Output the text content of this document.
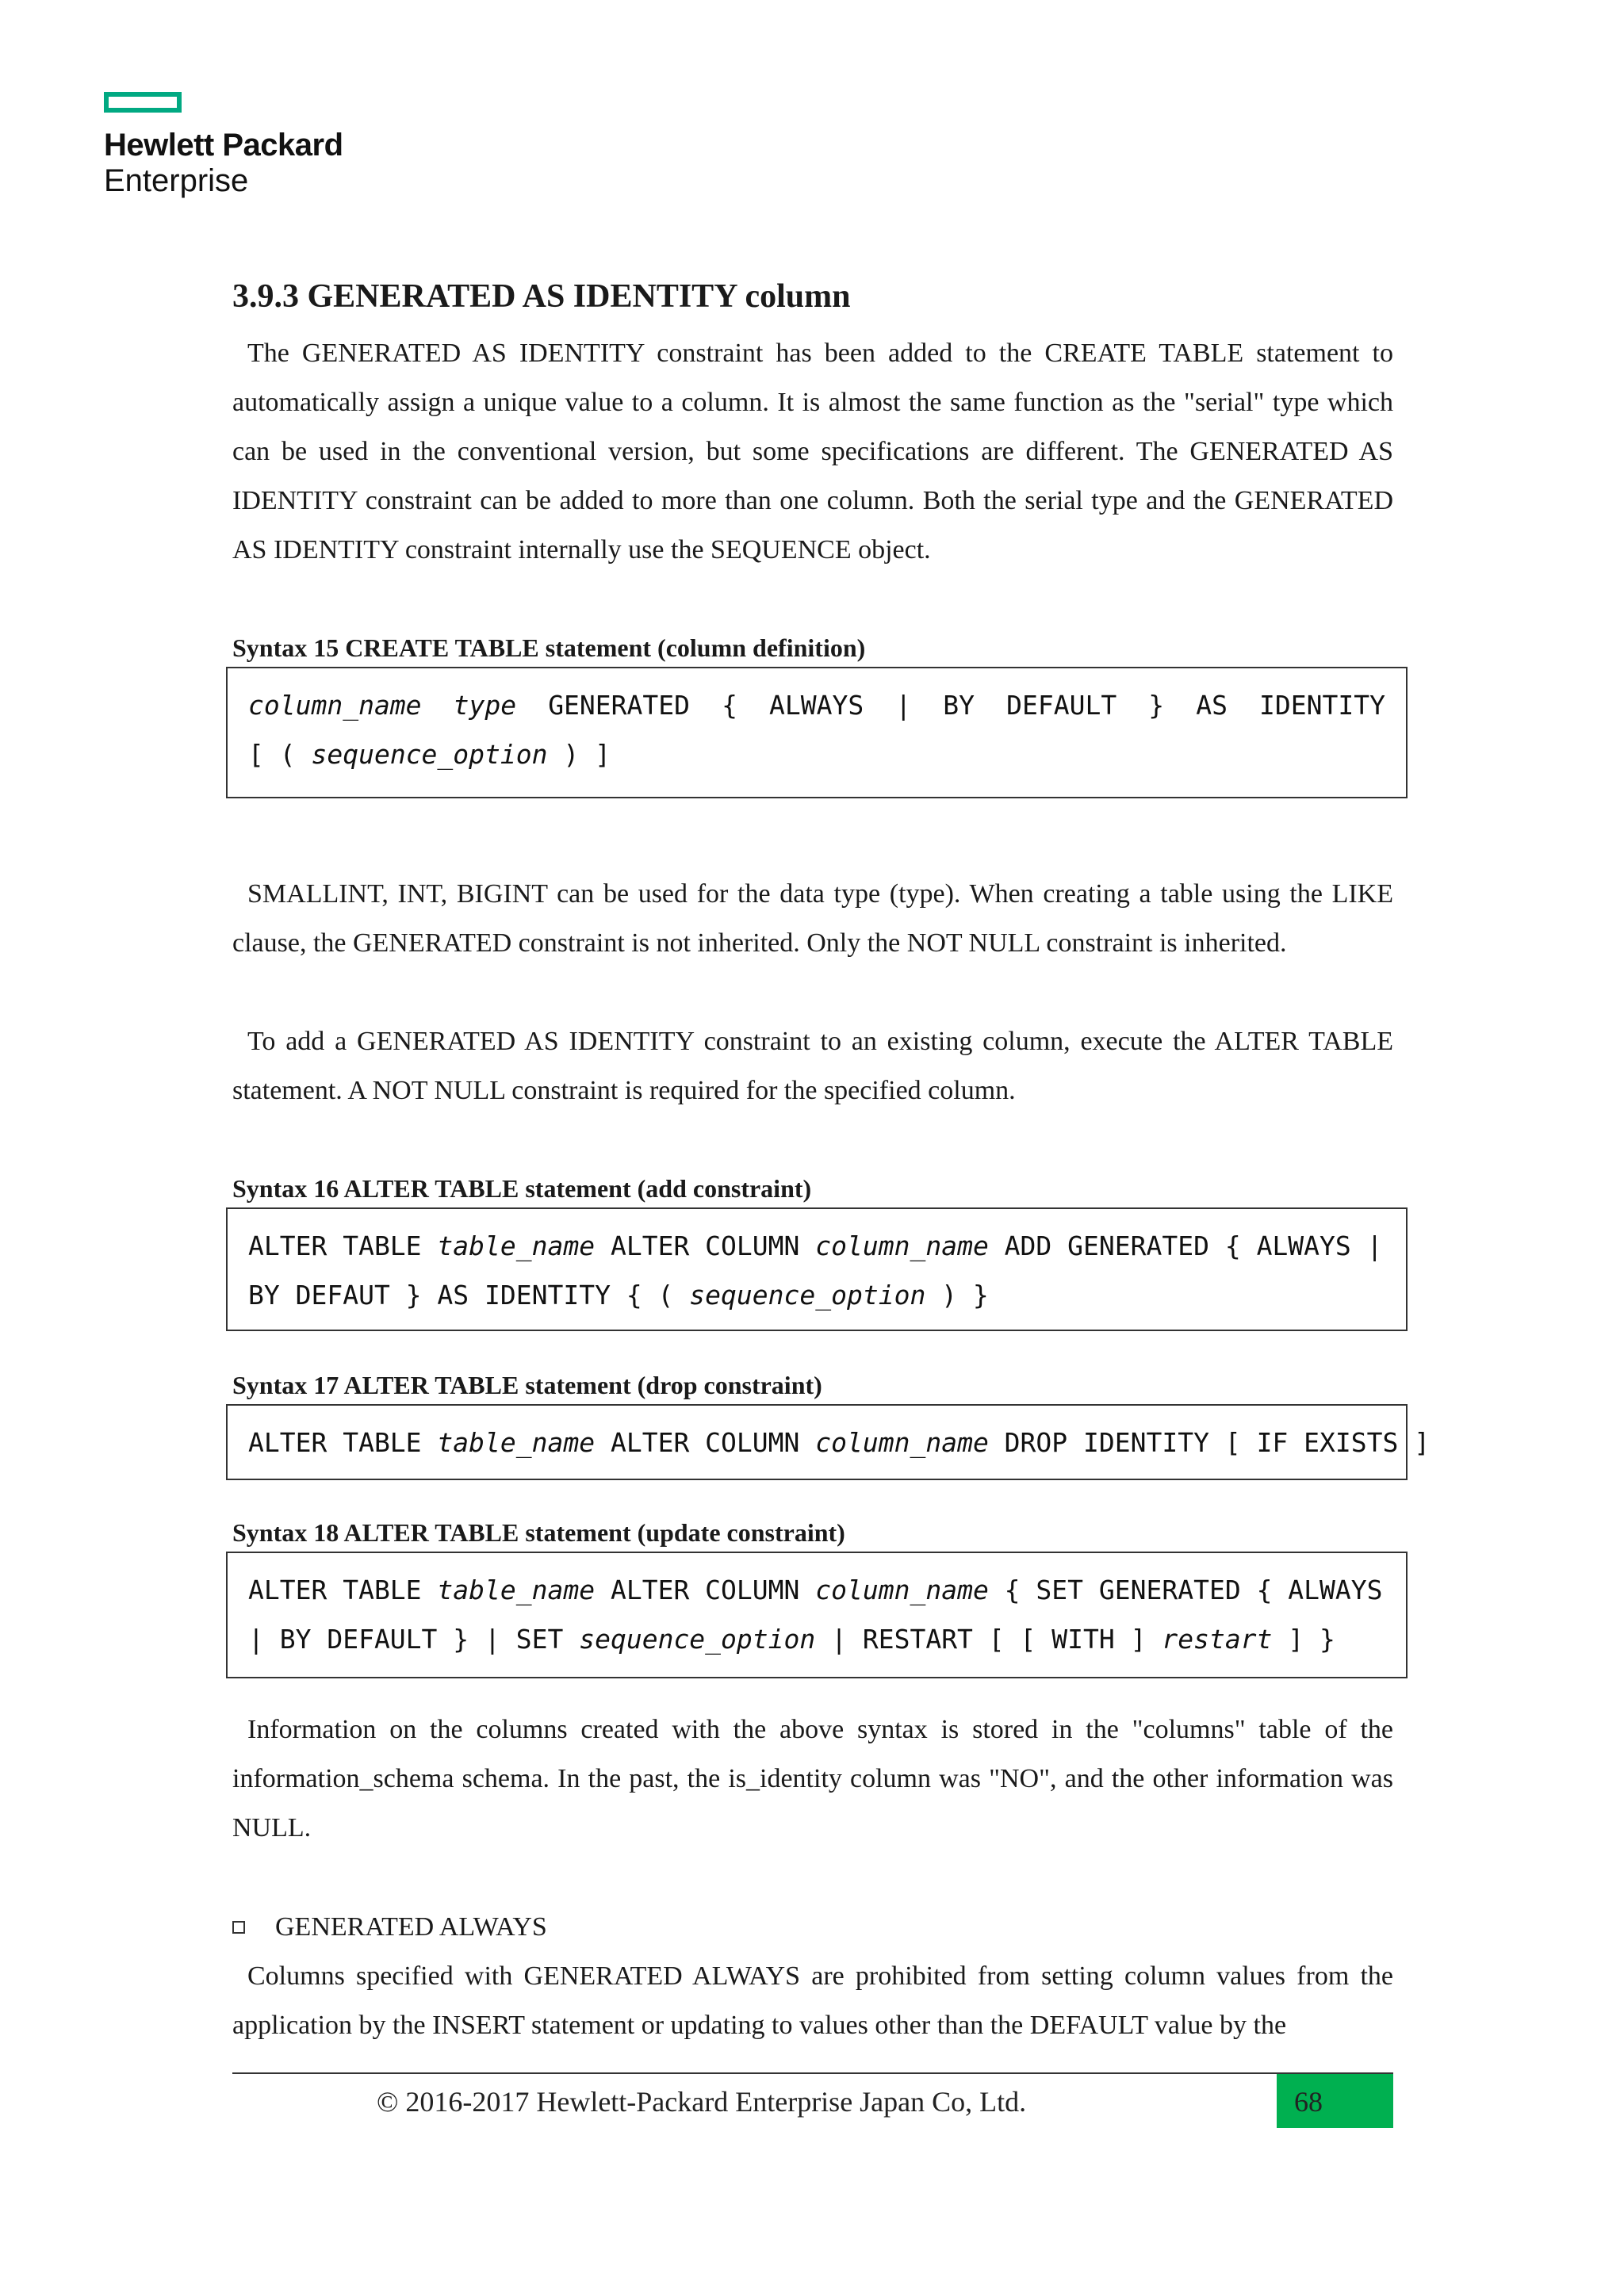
Hewlett Packard
Enterprise
3.9.3 GENERATED AS IDENTITY column

The GENERATED AS IDENTITY constraint has been added to the CREATE TABLE statement to automatically assign a unique value to a column. It is almost the same function as the "serial" type which can be used in the conventional version, but some specifications are different. The GENERATED AS IDENTITY constraint can be added to more than one column. Both the serial type and the GENERATED AS IDENTITY constraint internally use the SEQUENCE object.

Syntax 15 CREATE TABLE statement (column definition)
column_name type GENERATED { ALWAYS | BY DEFAULT } AS IDENTITY
[ ( sequence_option ) ]

SMALLINT, INT, BIGINT can be used for the data type (type). When creating a table using the LIKE clause, the GENERATED constraint is not inherited. Only the NOT NULL constraint is inherited.

To add a GENERATED AS IDENTITY constraint to an existing column, execute the ALTER TABLE statement. A NOT NULL constraint is required for the specified column.

Syntax 16 ALTER TABLE statement (add constraint)
ALTER TABLE table_name ALTER COLUMN column_name ADD GENERATED { ALWAYS |
BY DEFAUT } AS IDENTITY { ( sequence_option ) }
Syntax 17 ALTER TABLE statement (drop constraint)
ALTER TABLE table_name ALTER COLUMN column_name DROP IDENTITY [ IF EXISTS ]
Syntax 18 ALTER TABLE statement (update constraint)
ALTER TABLE table_name ALTER COLUMN column_name { SET GENERATED { ALWAYS
| BY DEFAULT } | SET sequence_option | RESTART [ [ WITH ] restart ] }

Information on the columns created with the above syntax is stored in the "columns" table of the information_schema schema. In the past, the is_identity column was "NO", and the other information was NULL.

GENERATED ALWAYS

Columns specified with GENERATED ALWAYS are prohibited from setting column values from the application by the INSERT statement or updating to values other than the DEFAULT value by the

© 2016-2017 Hewlett-Packard Enterprise Japan Co, Ltd.	68
